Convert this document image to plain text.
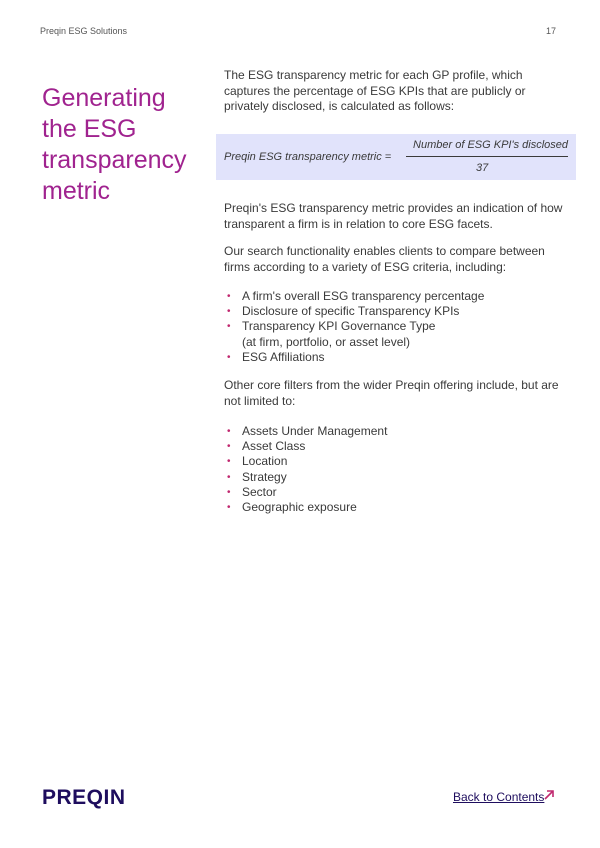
Preqin ESG Solutions	17
Generating
the ESG
transparency
metric

The ESG transparency metric for each GP profile, which captures the percentage of ESG KPIs that are publicly or privately disclosed, is calculated as follows:

Preqin ESG transparency metric =
Number of ESG KPI's disclosed
37

Preqin's ESG transparency metric provides an indication of how transparent a firm is in relation to core ESG facets.

Our search functionality enables clients to compare between firms according to a variety of ESG criteria, including:

• A firm's overall ESG transparency percentage
• Disclosure of specific Transparency KPIs
• Transparency KPI Governance Type
(at firm, portfolio, or asset level)
• ESG Affiliations

Other core filters from the wider Preqin offering include, but are not limited to:

• Assets Under Management
• Asset Class
• Location
• Strategy
• Sector
• Geographic exposure
PREQIN	Back to Contents
